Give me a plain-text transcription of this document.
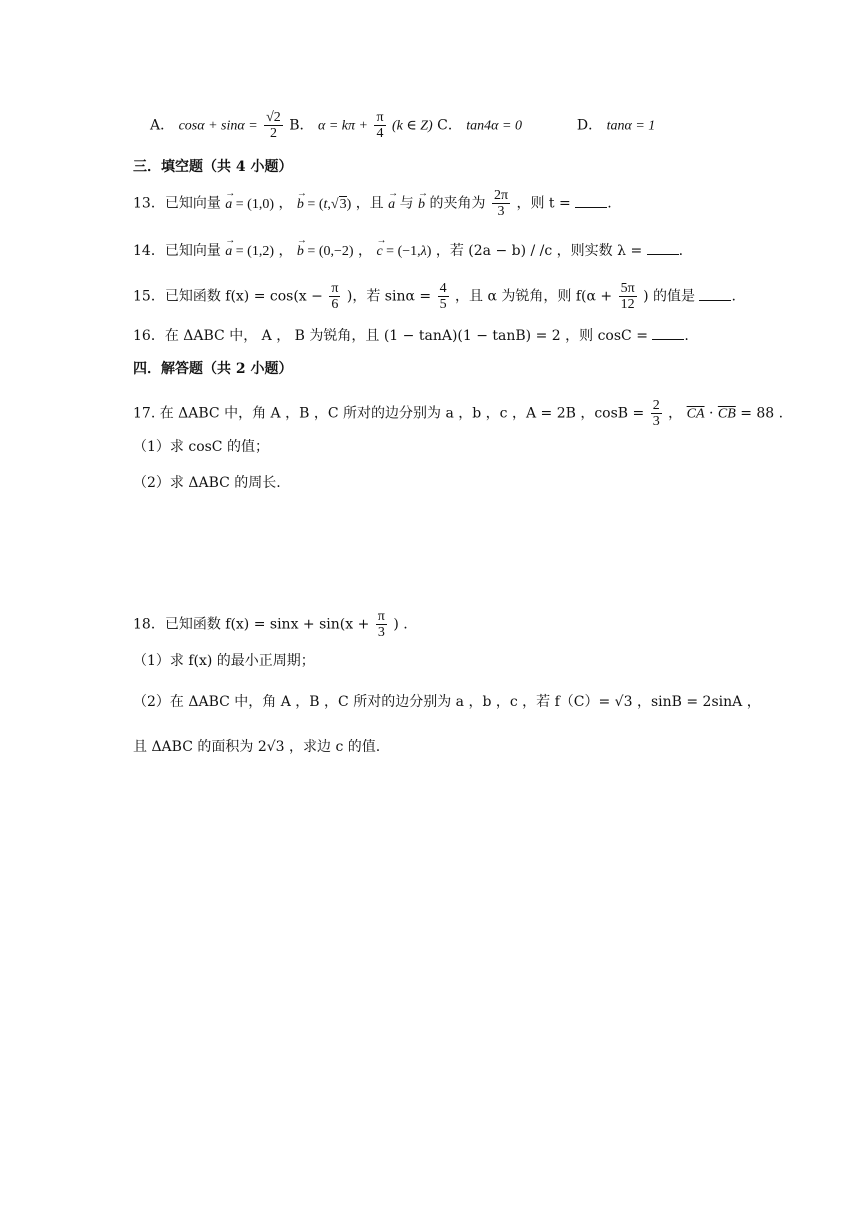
A． $\cos\alpha + \sin\alpha = \frac{√2}{2}$ B． $\alpha = k\pi + \frac{\pi}{4} (k$ ∈ Z) C． tan4α = 0	D． tanα = 1
三．填空题（共 4 小题）
13．已知向量 → a = (1,0) ， → b = (t,√3) ，且 → a 与 → b 的夹角为 $\frac{2\pi}{3}$ ，则 t =	.
14．已知向量 → a = (1,2) ， → b = (0,−2) ， → c = (−1,λ) ，若 (2a − b) / /c ，则实数 λ =	.
15．已知函数 $f(x) = \cos(x - \frac{\pi}{6}$ )，若 $\sin\alpha = \frac{4}{5}$ ，且 α 为锐角，则 $f(\alpha + \frac{5\pi}{12}$ ) 的值是	.
16．在 ΔABC 中， A ， B 为锐角，且 (1 − tanA)(1 − tanB) = 2 ，则 cosC =	.
四．解答题（共 2 小题）
17. 在 ΔABC 中，角 A ，B ，C 所对的边分别为 a ，b ，c ，A = 2B ，$\cos B = \frac{2}{3}$ ， $\overline{CA} \cdot \overline{CB} = 88$ .
（1）求 cosC 的值；
（2）求 ΔABC 的周长.
18．已知函数 $f(x) = \sin x + \sin(x + \frac{\pi}{3}$ ) .
（1）求 f(x) 的最小正周期；
（2）在 ΔABC 中，角 A ，B ，C 所对的边分别为 a ，b ，c ，若 f（C）= √3 ，sinB = 2sinA ，
且 ΔABC 的面积为 2√3 ，求边 c 的值.
